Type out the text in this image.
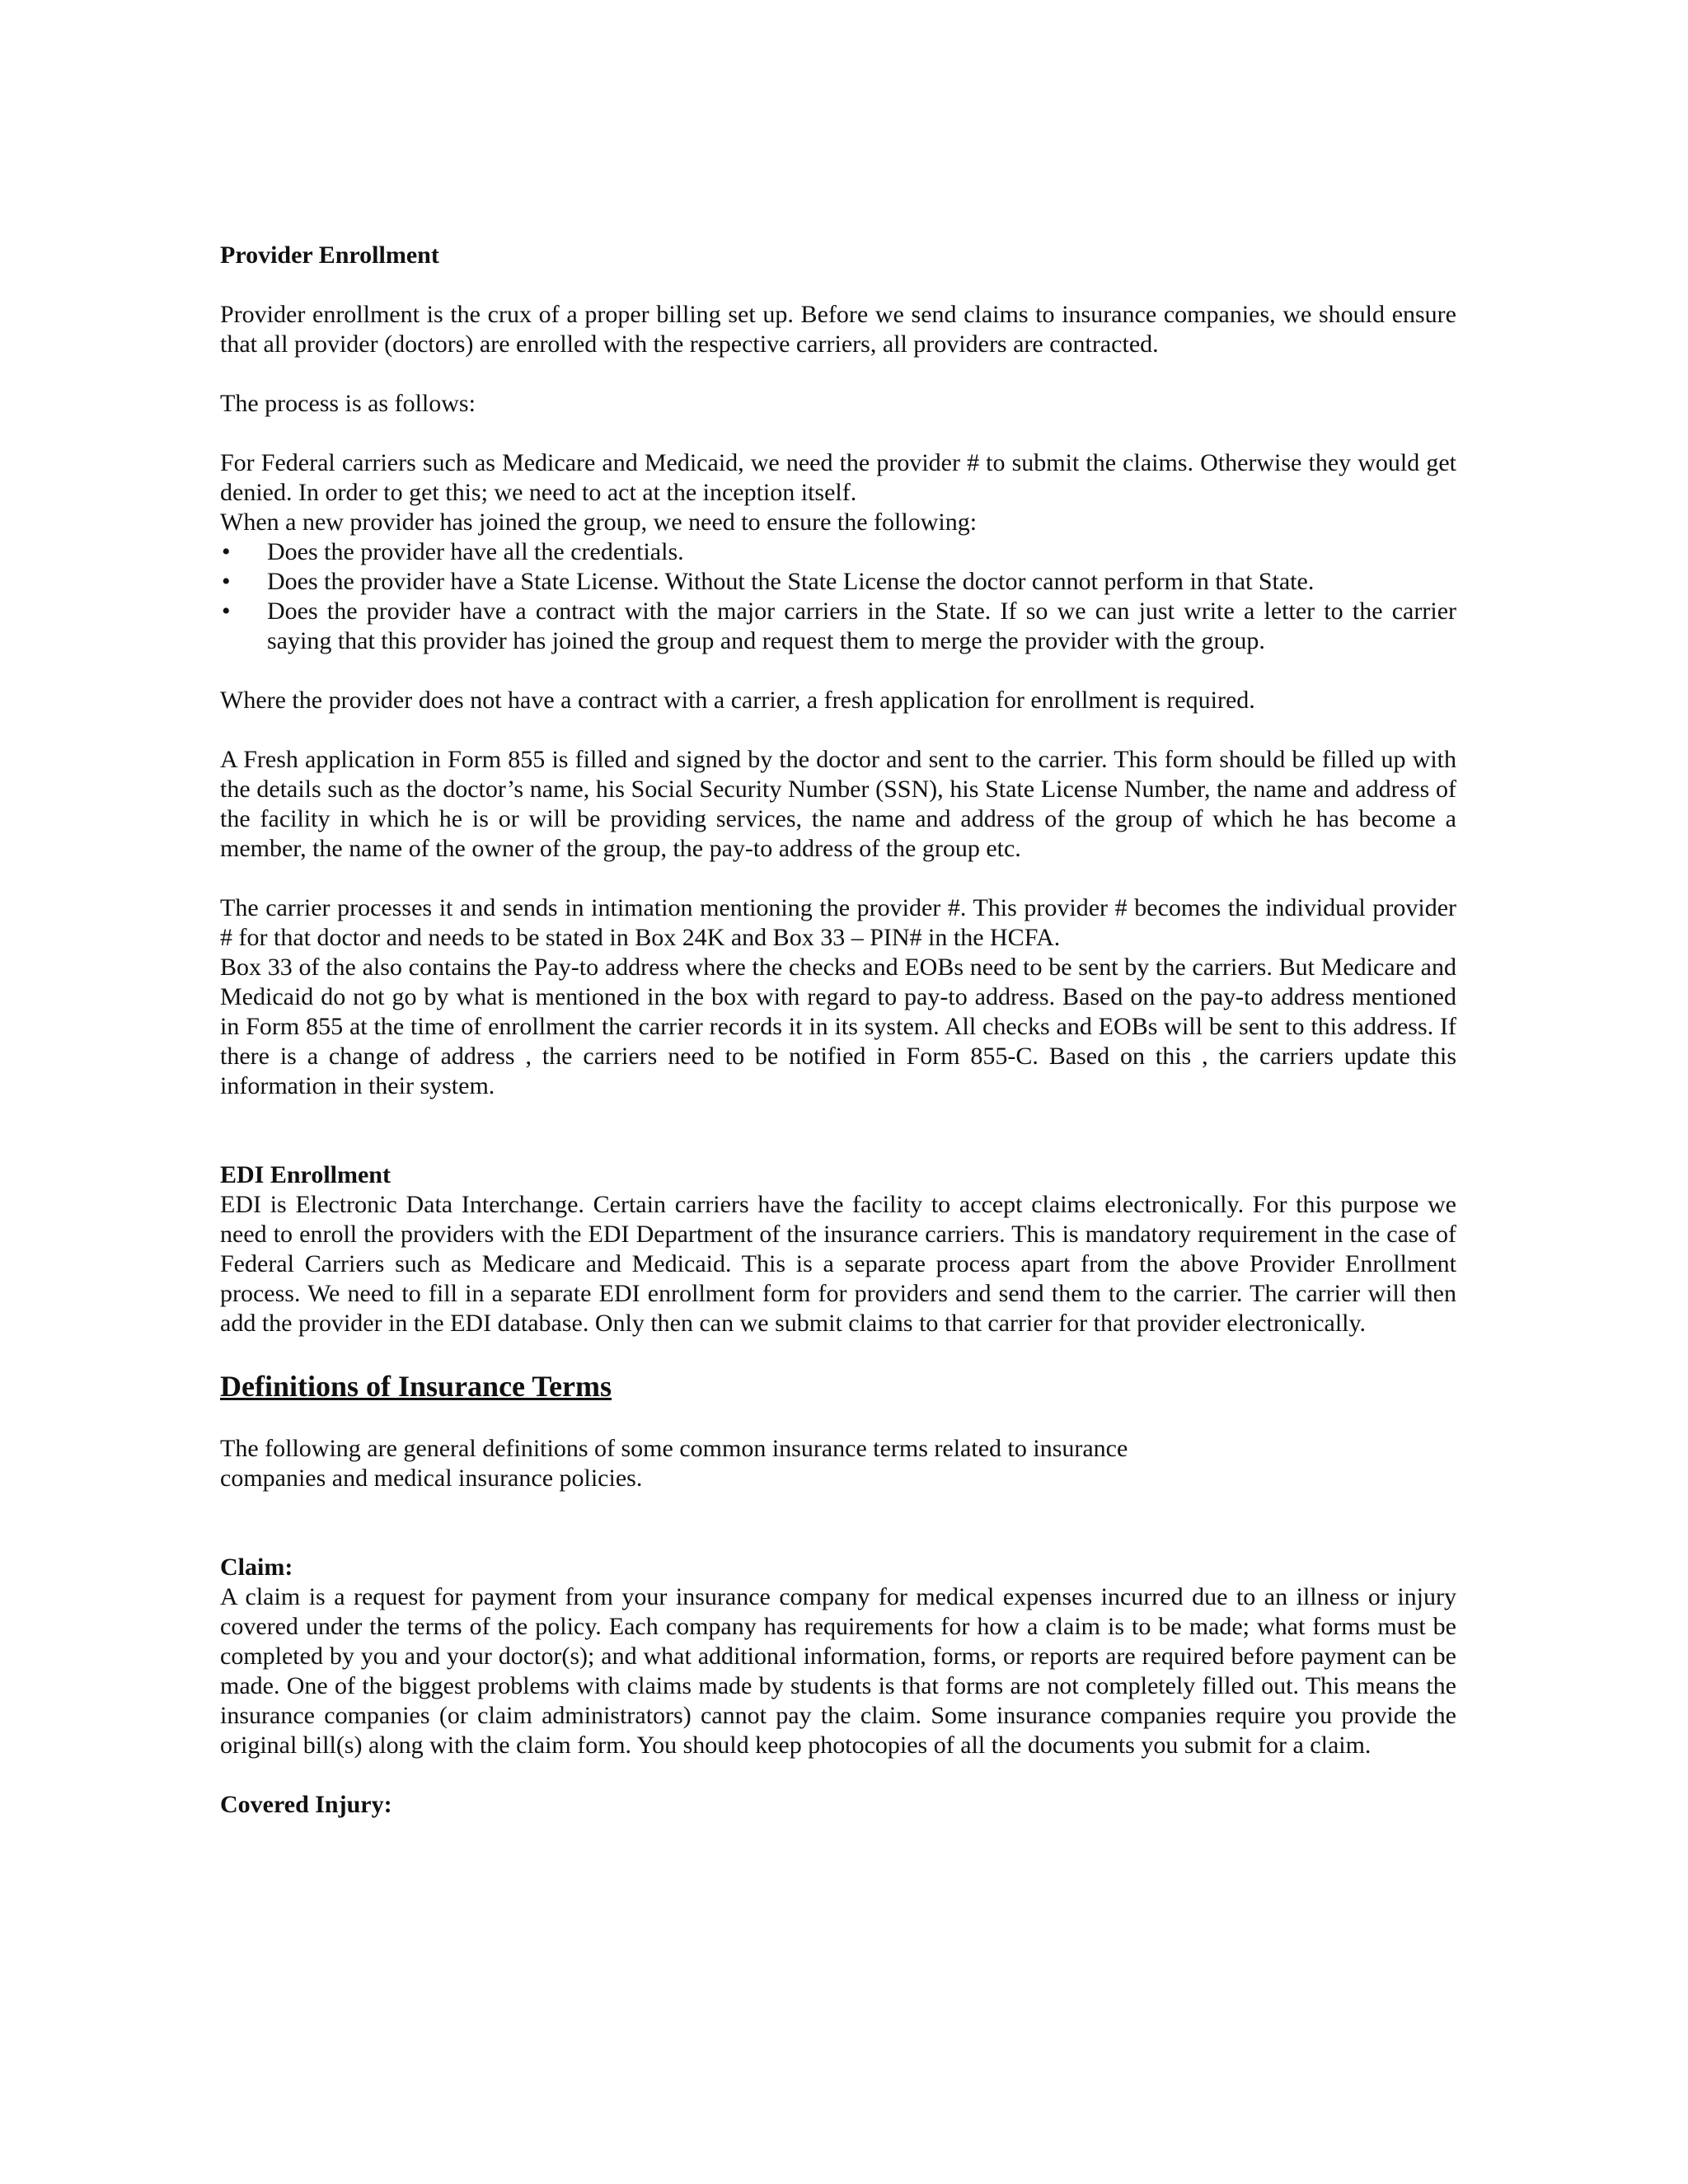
Provider Enrollment

Provider enrollment is the crux of a proper billing set up. Before we send claims to insurance companies, we should ensure that all provider (doctors) are enrolled with the respective carriers, all providers are contracted.

The process is as follows:

For Federal carriers such as Medicare and Medicaid, we need the provider # to submit the claims. Otherwise they would get denied. In order to get this; we need to act at the inception itself.

When a new provider has joined the group, we need to ensure the following:

• Does the provider have all the credentials.
• Does the provider have a State License. Without the State License the doctor cannot perform in that State.
• Does the provider have a contract with the major carriers in the State. If so we can just write a letter to the carrier saying that this provider has joined the group and request them to merge the provider with the group.

Where the provider does not have a contract with a carrier, a fresh application for enrollment is required.

A Fresh application in Form 855 is filled and signed by the doctor and sent to the carrier. This form should be filled up with the details such as the doctor’s name, his Social Security Number (SSN), his State License Number, the name and address of the facility in which he is or will be providing services, the name and address of the group of which he has become a member, the name of the owner of the group, the pay-to address of the group etc.

The carrier processes it and sends in intimation mentioning the provider #. This provider # becomes the individual provider # for that doctor and needs to be stated in Box 24K and Box 33 – PIN# in the HCFA.

Box 33 of the also contains the Pay-to address where the checks and EOBs need to be sent by the carriers. But Medicare and Medicaid do not go by what is mentioned in the box with regard to pay-to address. Based on the pay-to address mentioned in Form 855 at the time of enrollment the carrier records it in its system. All checks and EOBs will be sent to this address. If there is a change of address , the carriers need to be notified in Form 855-C. Based on this , the carriers update this information in their system.

EDI Enrollment

EDI is Electronic Data Interchange. Certain carriers have the facility to accept claims electronically. For this purpose we need to enroll the providers with the EDI Department of the insurance carriers. This is mandatory requirement in the case of Federal Carriers such as Medicare and Medicaid. This is a separate process apart from the above Provider Enrollment process. We need to fill in a separate EDI enrollment form for providers and send them to the carrier. The carrier will then add the provider in the EDI database. Only then can we submit claims to that carrier for that provider electronically.

Definitions of Insurance Terms

The following are general definitions of some common insurance terms related to insurance

companies and medical insurance policies.

Claim:

A claim is a request for payment from your insurance company for medical expenses incurred due to an illness or injury covered under the terms of the policy. Each company has requirements for how a claim is to be made; what forms must be completed by you and your doctor(s); and what additional information, forms, or reports are required before payment can be made. One of the biggest problems with claims made by students is that forms are not completely filled out. This means the insurance companies (or claim administrators) cannot pay the claim. Some insurance companies require you provide the original bill(s) along with the claim form. You should keep photocopies of all the documents you submit for a claim.

Covered Injury:
